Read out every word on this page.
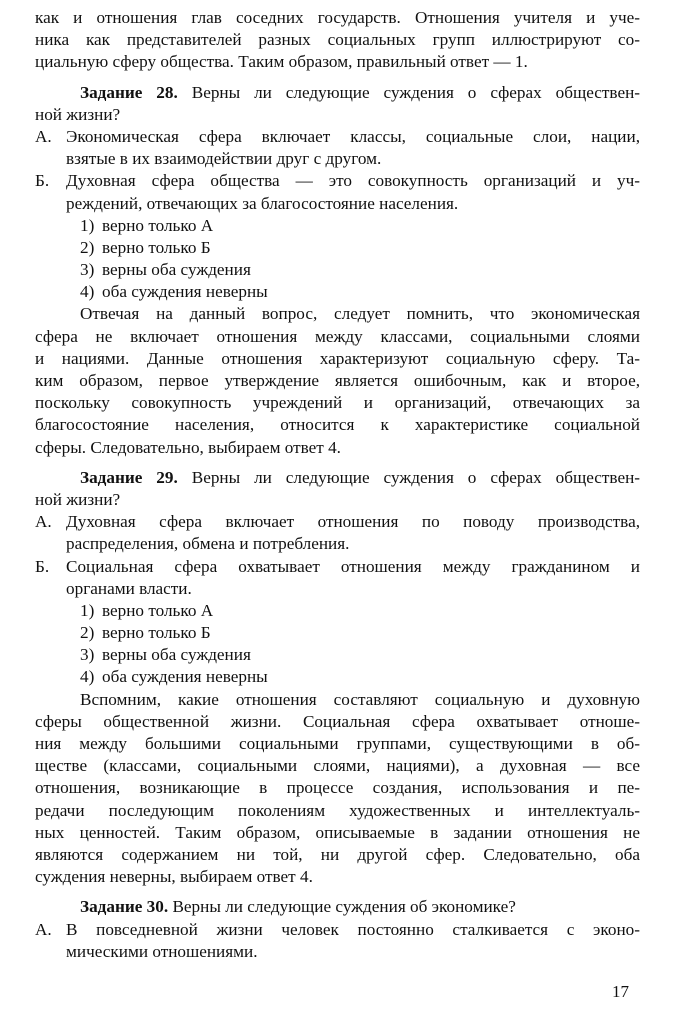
как и отношения глав соседних государств. Отношения учителя и уче-
ника как представителей разных социальных групп иллюстрируют со-
циальную сферу общества. Таким образом, правильный ответ — 1.
Задание 28. Верны ли следующие суждения о сферах обществен-
ной жизни?
А. Экономическая сфера включает классы, социальные слои, нации,
взятые в их взаимодействии друг с другом.
Б. Духовная сфера общества — это совокупность организаций и уч-
реждений, отвечающих за благосостояние населения.
1) верно только А
2) верно только Б
3) верны оба суждения
4) оба суждения неверны
Отвечая на данный вопрос, следует помнить, что экономическая
сфера не включает отношения между классами, социальными слоями
и нациями. Данные отношения характеризуют социальную сферу. Та-
ким образом, первое утверждение является ошибочным, как и второе,
поскольку совокупность учреждений и организаций, отвечающих за
благосостояние населения, относится к характеристике социальной
сферы. Следовательно, выбираем ответ 4.
Задание 29. Верны ли следующие суждения о сферах обществен-
ной жизни?
А. Духовная сфера включает отношения по поводу производства,
распределения, обмена и потребления.
Б. Социальная сфера охватывает отношения между гражданином и
органами власти.
1) верно только А
2) верно только Б
3) верны оба суждения
4) оба суждения неверны
Вспомним, какие отношения составляют социальную и духовную
сферы общественной жизни. Социальная сфера охватывает отноше-
ния между большими социальными группами, существующими в об-
ществе (классами, социальными слоями, нациями), а духовная — все
отношения, возникающие в процессе создания, использования и пе-
редачи последующим поколениям художественных и интеллектуаль-
ных ценностей. Таким образом, описываемые в задании отношения не
являются содержанием ни той, ни другой сфер. Следовательно, оба
суждения неверны, выбираем ответ 4.
Задание 30. Верны ли следующие суждения об экономике?
А. В повседневной жизни человек постоянно сталкивается с эконо-
мическими отношениями.
17
